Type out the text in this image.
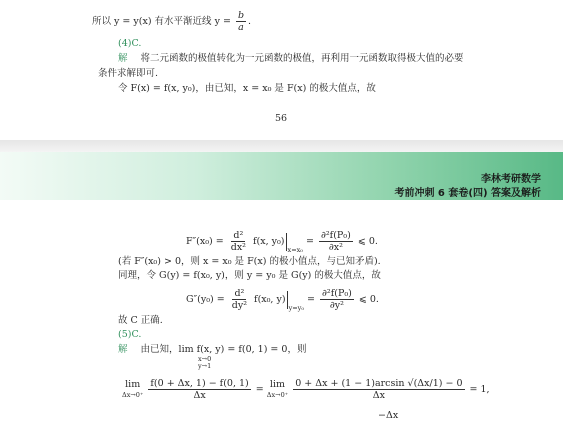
所以 y = y(x) 有水平渐近线 $y = \frac{b}{a}$ .
(4)C.
解 将二元函数的极值转化为一元函数的极值，再利用一元函数取得极大值的必要
条件求解即可.
令 F(x) = f(x, y₀)，由已知，x = x₀ 是 F(x) 的极大值点，故
56
李林考研数学
考前冲刺 6 套卷(四) 答案及解析
$F''(x_0) = \frac{\text{d²}}{\text{dx²}} f(x$, $y_0)_{x=x_0} = \frac{\text{∂²f(P₀)}}{\text{∂x²}}$ ⩽ 0.
(若 F″(x₀) > 0，则 x = x₀ 是 F(x) 的极小值点，与已知矛盾).
同理，令 G(y) = f(x₀, y)，则 y = y₀ 是 G(y) 的极大值点，故
$G''(y_0) = \frac{\text{d²}}{\text{dy²}} f(x_0$, $y)_{y=y_0} = \frac{\text{∂²f(P₀)}}{\text{∂y²}}$ ⩽ 0.
故 C 正确.
(5)C.
解 由已知，lim f(x, y) = f(0, 1) = 0，则
x→0
y→1
lim
Δx→0⁺
$\frac{f(0 + \Delta x, 1) - f(0, 1)}{\Delta x} = \lim$
Δx→0⁺
$\frac{0 + \Delta x + (1 - 1)\arcsin √(\Delta x/1) - 0}{\Delta x} = 1$,
−Δx
